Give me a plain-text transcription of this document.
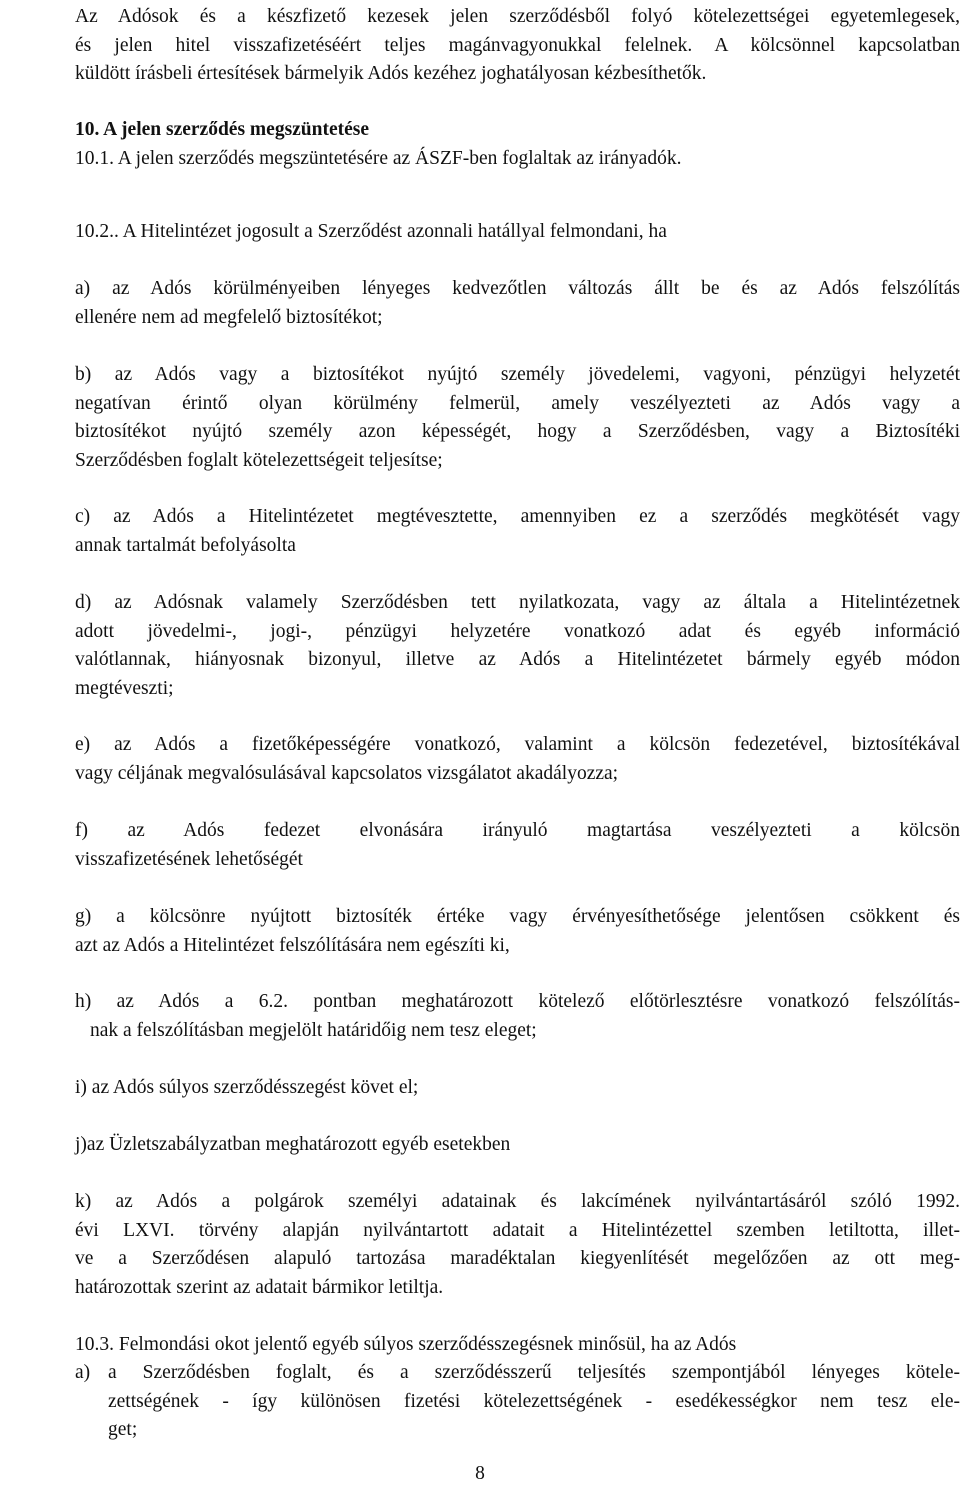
Az Adósok és a készfizető kezesek jelen szerződésből folyó kötelezettségei egyetemlegesek,
és jelen hitel visszafizetéséért teljes magánvagyonukkal felelnek. A kölcsönnel kapcsolatban
küldött írásbeli értesítések bármelyik Adós kezéhez joghatályosan kézbesíthetők.
10. A jelen szerződés megszüntetése
10.1. A jelen szerződés megszüntetésére az ÁSZF-ben foglaltak az irányadók.
10.2.. A Hitelintézet jogosult a Szerződést azonnali hatállyal felmondani, ha
a) az Adós körülményeiben lényeges kedvezőtlen változás állt be és az Adós felszólítás
ellenére nem ad megfelelő biztosítékot;
b) az Adós vagy a biztosítékot nyújtó személy jövedelemi, vagyoni, pénzügyi helyzetét
negatívan érintő olyan körülmény felmerül, amely veszélyezteti az Adós vagy a
biztosítékot nyújtó személy azon képességét, hogy a Szerződésben, vagy a Biztosítéki
Szerződésben foglalt kötelezettségeit teljesítse;
c) az Adós a Hitelintézetet megtévesztette, amennyiben ez a szerződés megkötését vagy
annak tartalmát befolyásolta
d) az Adósnak valamely Szerződésben tett nyilatkozata, vagy az általa a Hitelintézetnek
adott jövedelmi-, jogi-, pénzügyi helyzetére vonatkozó adat és egyéb információ
valótlannak, hiányosnak bizonyul, illetve az Adós a Hitelintézetet bármely egyéb módon
megtéveszti;
e) az Adós a fizetőképességére vonatkozó, valamint a kölcsön fedezetével, biztosítékával
vagy céljának megvalósulásával kapcsolatos vizsgálatot akadályozza;
f) az Adós fedezet elvonására irányuló magtartása veszélyezteti a kölcsön
visszafizetésének lehetőségét
g) a kölcsönre nyújtott biztosíték értéke vagy érvényesíthetősége jelentősen csökkent és
azt az Adós a Hitelintézet felszólítására nem egészíti ki,
h) az Adós a 6.2. pontban meghatározott kötelező előtörlesztésre vonatkozó felszólítás-
nak a felszólításban megjelölt határidőig nem tesz eleget;
i) az Adós súlyos szerződésszegést követ el;
j)az Üzletszabályzatban meghatározott egyéb esetekben
k) az Adós a polgárok személyi adatainak és lakcímének nyilvántartásáról szóló 1992.
évi LXVI. törvény alapján nyilvántartott adatait a Hitelintézettel szemben letiltotta, illet-
ve a Szerződésen alapuló tartozása maradéktalan kiegyenlítését megelőzően az ott meg-
határozottak szerint az adatait bármikor letiltja.
10.3. Felmondási okot jelentő egyéb súlyos szerződésszegésnek minősül, ha az Adós
a) a Szerződésben foglalt, és a szerződésszerű teljesítés szempontjából lényeges kötele-
zettségének - így különösen fizetési kötelezettségének - esedékességkor nem tesz ele-
get;
8
